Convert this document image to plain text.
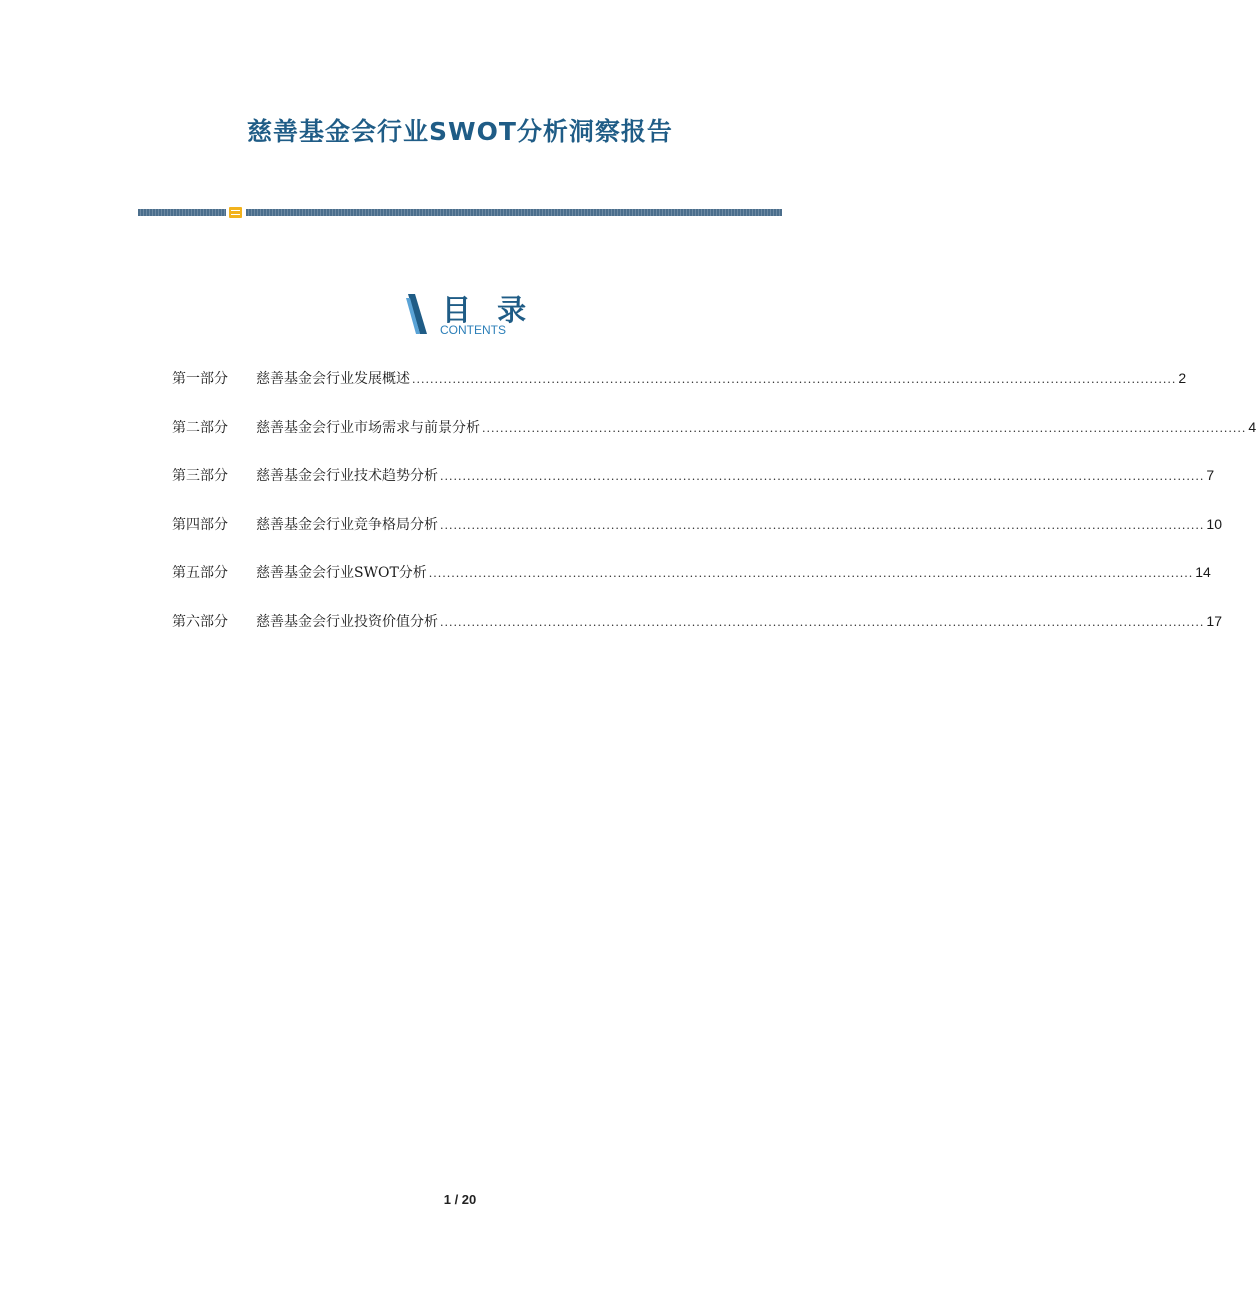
慈善基金会行业SWOT分析洞察报告
目 录
CONTENTS
第一部分	慈善基金会行业发展概述 .......................................................................................................................................................................... 2
第二部分	慈善基金会行业市场需求与前景分析 .......................................................................................................................................................................... 4
第三部分	慈善基金会行业技术趋势分析 .......................................................................................................................................................................... 7
第四部分	慈善基金会行业竞争格局分析 .......................................................................................................................................................................... 10
第五部分	慈善基金会行业SWOT分析 .......................................................................................................................................................................... 14
第六部分	慈善基金会行业投资价值分析 .......................................................................................................................................................................... 17
1 / 20
